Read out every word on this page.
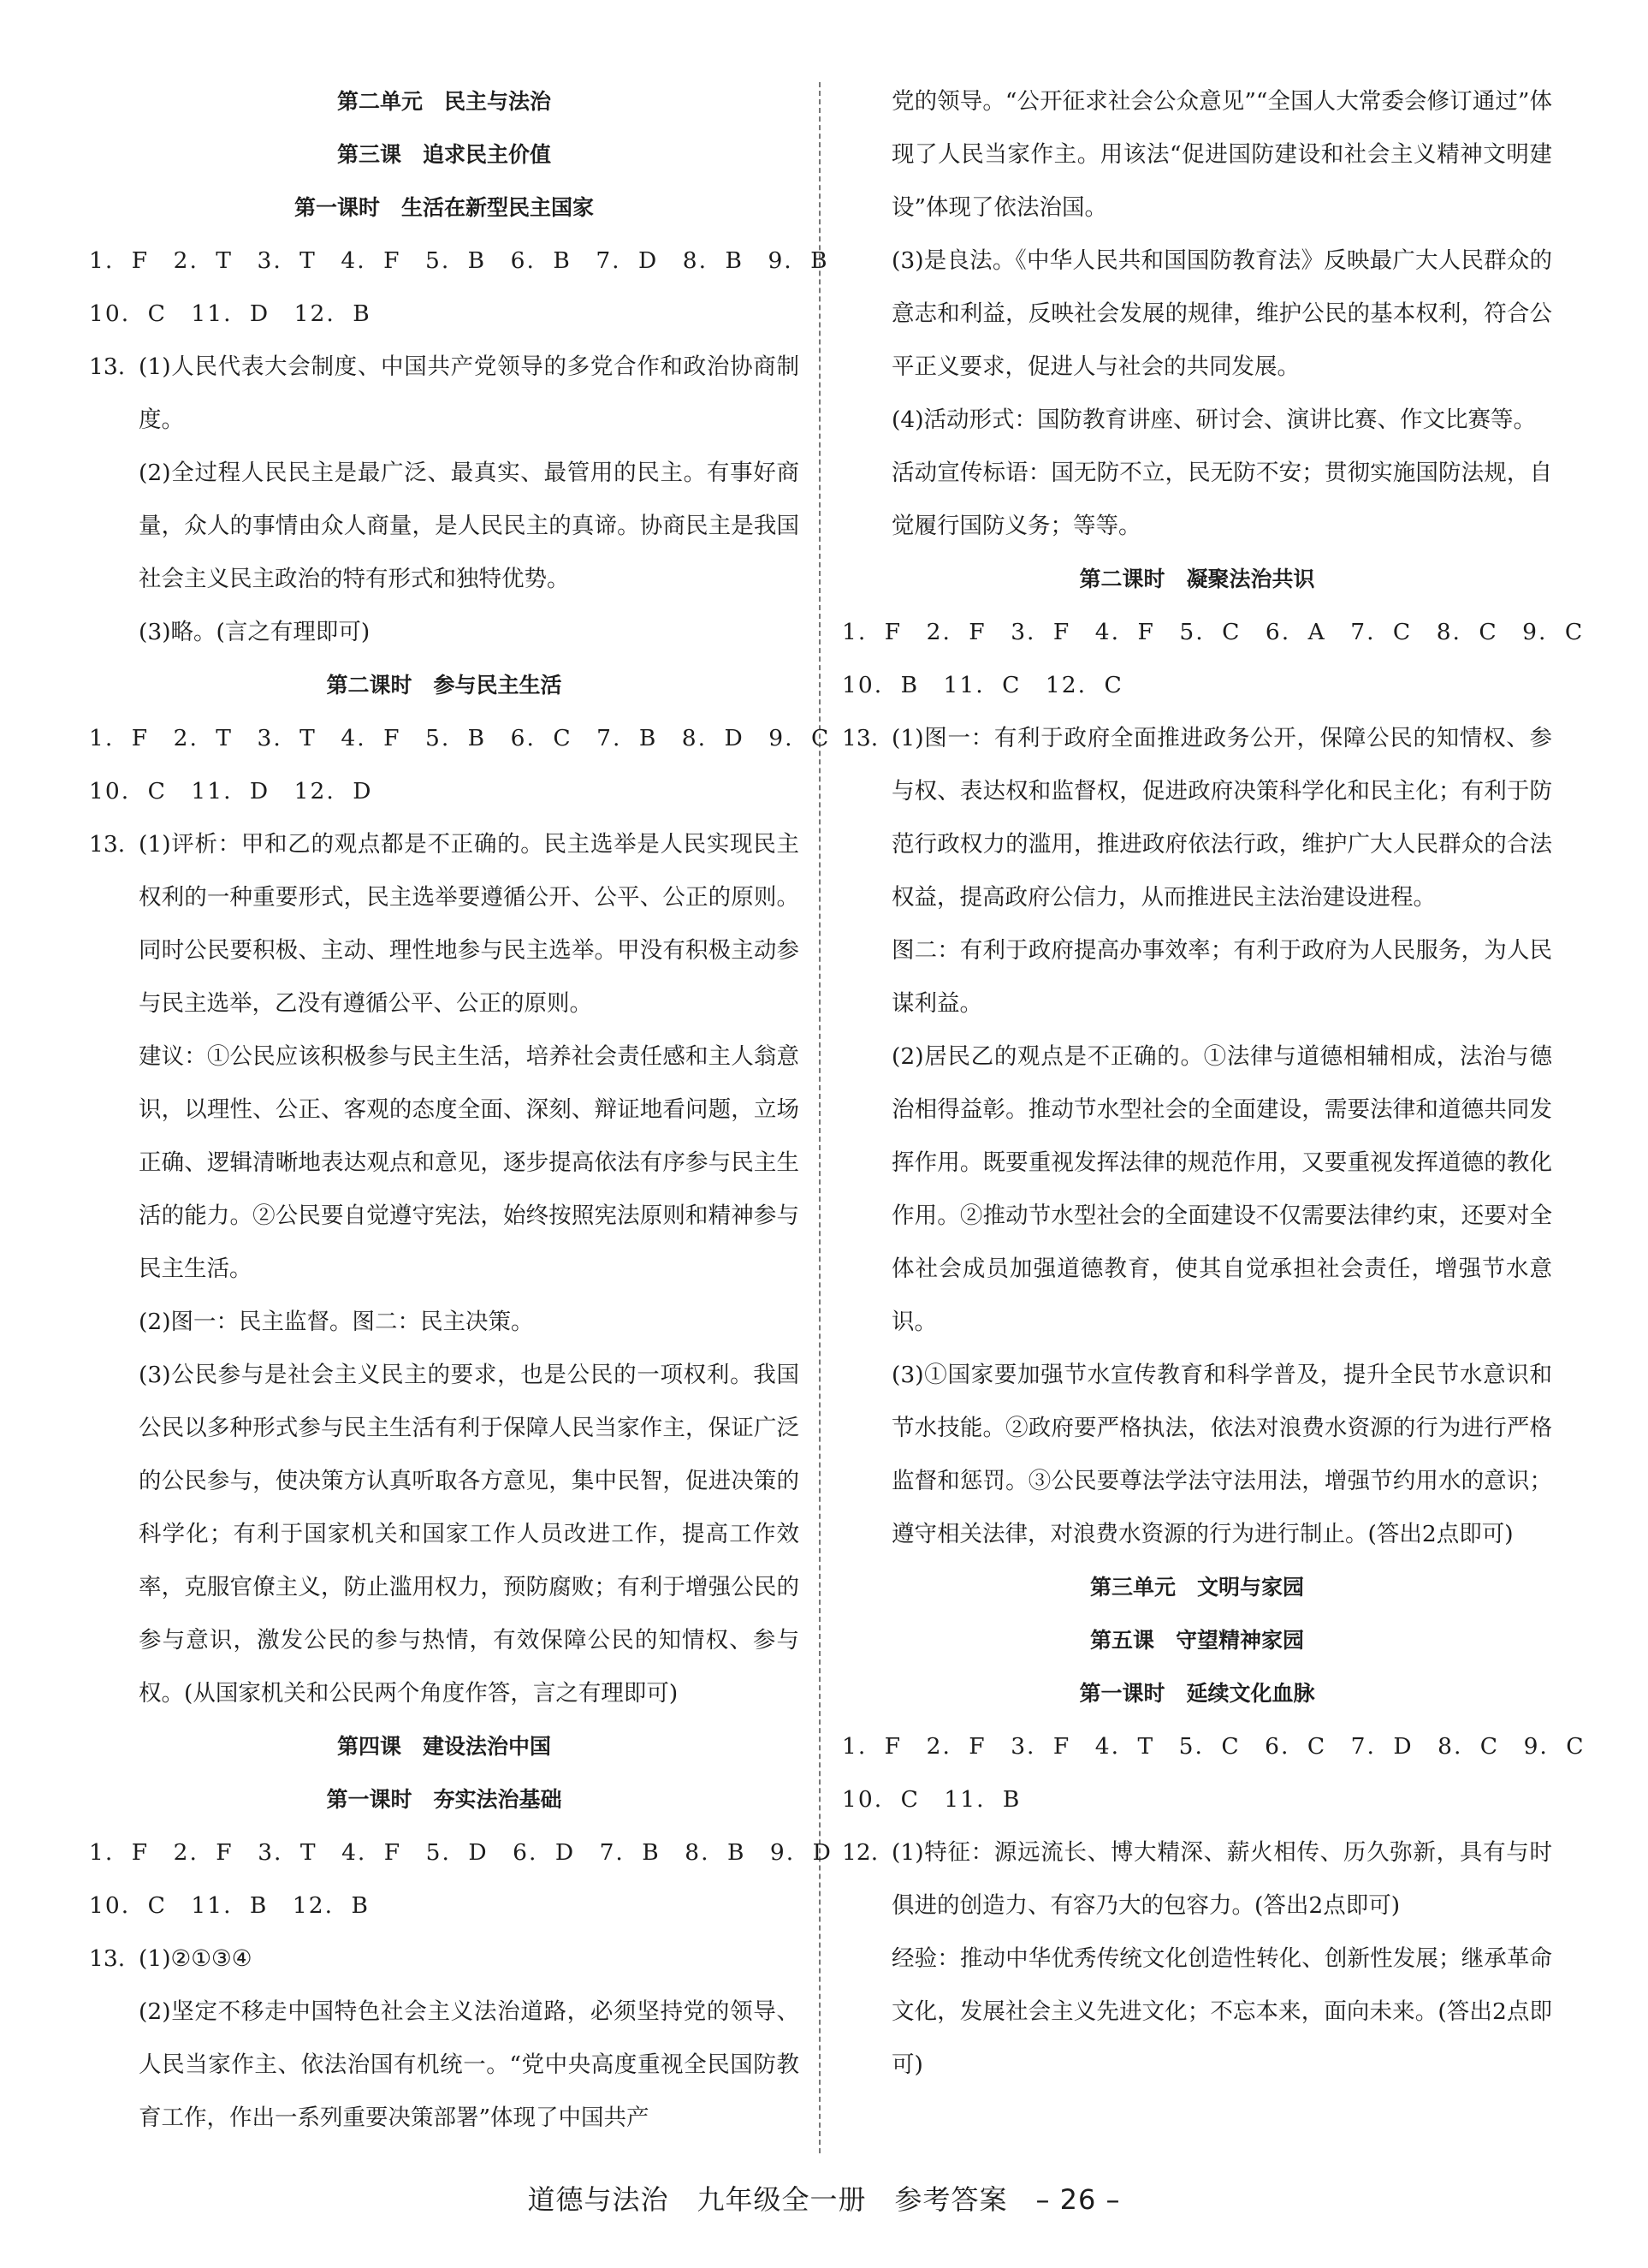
第二单元　民主与法治

第三课　追求民主价值

第一课时　生活在新型民主国家

1. F　2. T　3. T　4. F　5. B　6. B　7. D　8. B　9. B

10. C　11. D　12. B

13. (1)人民代表大会制度、中国共产党领导的多党合作和政治协商制度。

(2)全过程人民民主是最广泛、最真实、最管用的民主。有事好商量，众人的事情由众人商量，是人民民主的真谛。协商民主是我国社会主义民主政治的特有形式和独特优势。

(3)略。(言之有理即可)

第二课时　参与民主生活

1. F　2. T　3. T　4. F　5. B　6. C　7. B　8. D　9. C

10. C　11. D　12. D

13. (1)评析：甲和乙的观点都是不正确的。民主选举是人民实现民主权利的一种重要形式，民主选举要遵循公开、公平、公正的原则。同时公民要积极、主动、理性地参与民主选举。甲没有积极主动参与民主选举，乙没有遵循公平、公正的原则。

建议：①公民应该积极参与民主生活，培养社会责任感和主人翁意识，以理性、公正、客观的态度全面、深刻、辩证地看问题，立场正确、逻辑清晰地表达观点和意见，逐步提高依法有序参与民主生活的能力。②公民要自觉遵守宪法，始终按照宪法原则和精神参与民主生活。

(2)图一：民主监督。图二：民主决策。

(3)公民参与是社会主义民主的要求，也是公民的一项权利。我国公民以多种形式参与民主生活有利于保障人民当家作主，保证广泛的公民参与，使决策方认真听取各方意见，集中民智，促进决策的科学化；有利于国家机关和国家工作人员改进工作，提高工作效率，克服官僚主义，防止滥用权力，预防腐败；有利于增强公民的参与意识，激发公民的参与热情，有效保障公民的知情权、参与权。(从国家机关和公民两个角度作答，言之有理即可)

第四课　建设法治中国

第一课时　夯实法治基础

1. F　2. F　3. T　4. F　5. D　6. D　7. B　8. B　9. D

10. C　11. B　12. B

13. (1)②①③④

(2)坚定不移走中国特色社会主义法治道路，必须坚持党的领导、人民当家作主、依法治国有机统一。“党中央高度重视全民国防教育工作，作出一系列重要决策部署”体现了中国共产

党的领导。“公开征求社会公众意见”“全国人大常委会修订通过”体现了人民当家作主。用该法“促进国防建设和社会主义精神文明建设”体现了依法治国。

(3)是良法。《中华人民共和国国防教育法》反映最广大人民群众的意志和利益，反映社会发展的规律，维护公民的基本权利，符合公平正义要求，促进人与社会的共同发展。

(4)活动形式：国防教育讲座、研讨会、演讲比赛、作文比赛等。

活动宣传标语：国无防不立，民无防不安；贯彻实施国防法规，自觉履行国防义务；等等。

第二课时　凝聚法治共识

1. F　2. F　3. F　4. F　5. C　6. A　7. C　8. C　9. C

10. B　11. C　12. C

13. (1)图一：有利于政府全面推进政务公开，保障公民的知情权、参与权、表达权和监督权，促进政府决策科学化和民主化；有利于防范行政权力的滥用，推进政府依法行政，维护广大人民群众的合法权益，提高政府公信力，从而推进民主法治建设进程。

图二：有利于政府提高办事效率；有利于政府为人民服务，为人民谋利益。

(2)居民乙的观点是不正确的。①法律与道德相辅相成，法治与德治相得益彰。推动节水型社会的全面建设，需要法律和道德共同发挥作用。既要重视发挥法律的规范作用，又要重视发挥道德的教化作用。②推动节水型社会的全面建设不仅需要法律约束，还要对全体社会成员加强道德教育，使其自觉承担社会责任，增强节水意识。

(3)①国家要加强节水宣传教育和科学普及，提升全民节水意识和节水技能。②政府要严格执法，依法对浪费水资源的行为进行严格监督和惩罚。③公民要尊法学法守法用法，增强节约用水的意识；遵守相关法律，对浪费水资源的行为进行制止。(答出2点即可)

第三单元　文明与家园

第五课　守望精神家园

第一课时　延续文化血脉

1. F　2. F　3. F　4. T　5. C　6. C　7. D　8. C　9. C

10. C　11. B

12. (1)特征：源远流长、博大精深、薪火相传、历久弥新，具有与时俱进的创造力、有容乃大的包容力。(答出2点即可)

经验：推动中华优秀传统文化创造性转化、创新性发展；继承革命文化，发展社会主义先进文化；不忘本来，面向未来。(答出2点即可)

道德与法治　九年级全一册　参考答案　– 26 –
